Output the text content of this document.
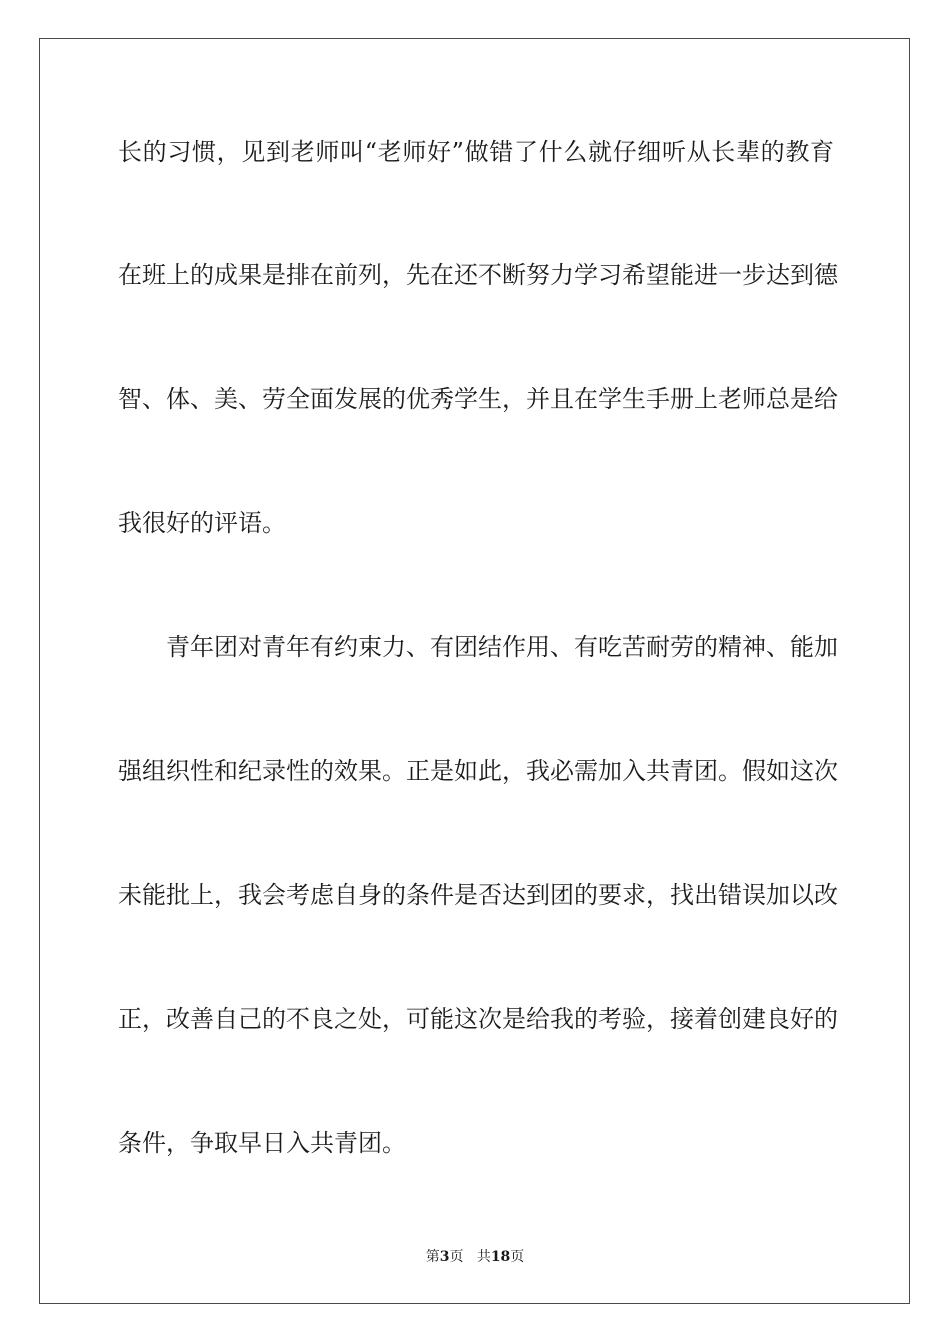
长的习惯，见到老师叫“老师好”做错了什么就仔细听从长辈的教育
在班上的成果是排在前列，先在还不断努力学习希望能进一步达到德
智、体、美、劳全面发展的优秀学生，并且在学生手册上老师总是给
我很好的评语。
青年团对青年有约束力、有团结作用、有吃苦耐劳的精神、能加
强组织性和纪录性的效果。正是如此，我必需加入共青团。假如这次
未能批上，我会考虑自身的条件是否达到团的要求，找出错误加以改
正，改善自己的不良之处，可能这次是给我的考验，接着创建良好的
条件，争取早日入共青团。
第3页 共18页
